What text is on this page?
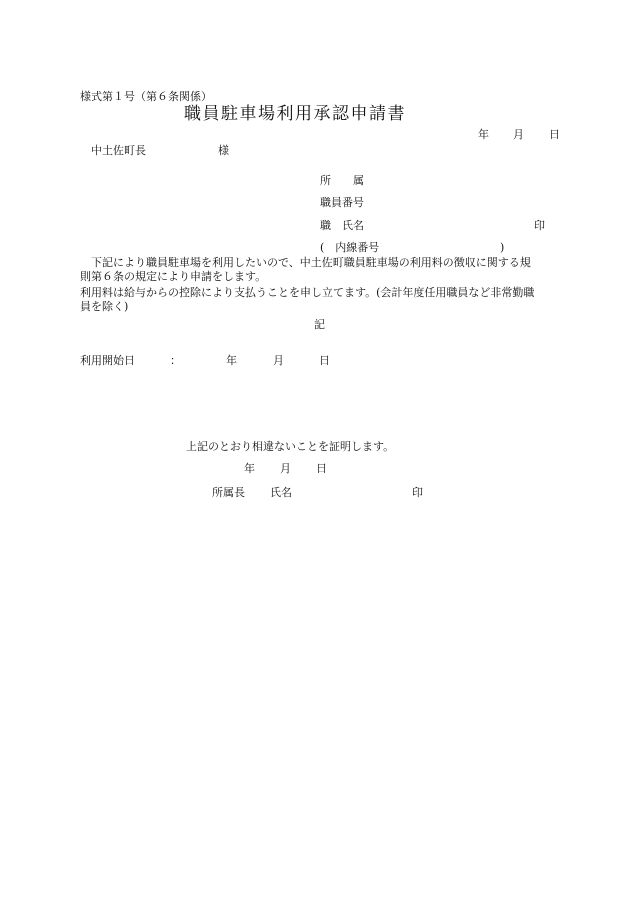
様式第１号（第６条関係）
職員駐車場利用承認申請書
年 月 日
中土佐町長	様
所　　属
職員番号
職　氏名	印
(　内線番号	)
　下記により職員駐車場を利用したいので、中土佐町職員駐車場の利用料の徴収に関する規
則第６条の規定により申請をします。
利用料は給与からの控除により支払うことを申し立てます。(会計年度任用職員など非常勤職
員を除く)
記
利用開始日	：	年	月	日
上記のとおり相違ないことを証明します。
年 月 日
所属長 氏名	印
